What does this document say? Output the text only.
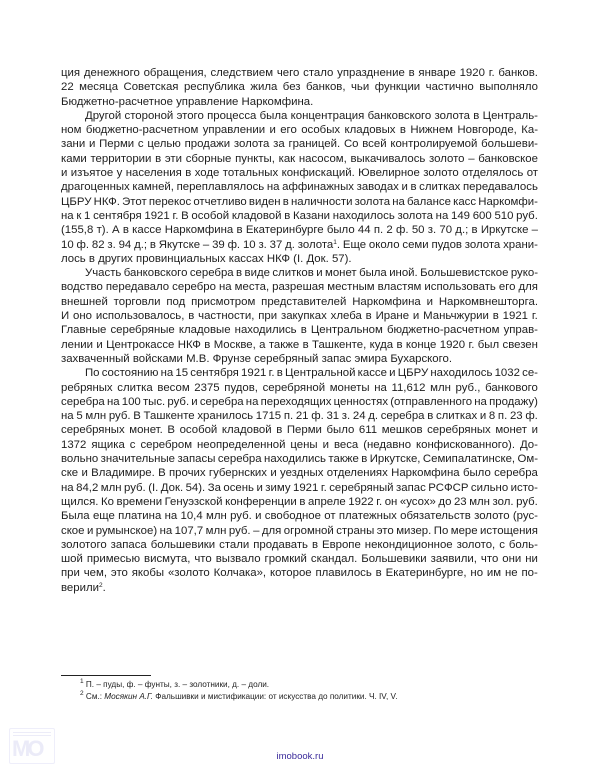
ция денежного обращения, следствием чего стало упразднение в январе 1920 г. банков.
22 месяца Советская республика жила без банков, чьи функции частично выполняло
Бюджетно-расчетное управление Наркомфина.
Другой стороной этого процесса была концентрация банковского золота в Централь-
ном бюджетно-расчетном управлении и его особых кладовых в Нижнем Новгороде, Ка-
зани и Перми с целью продажи золота за границей. Со всей контролируемой большеви-
ками территории в эти сборные пункты, как насосом, выкачивалось золото – банковское
и изъятое у населения в ходе тотальных конфискаций. Ювелирное золото отделялось от
драгоценных камней, переплавлялось на аффинажных заводах и в слитках передавалось
ЦБРУ НКФ. Этот перекос отчетливо виден в наличности золота на балансе касс Наркомфи-
на к 1 сентября 1921 г. В особой кладовой в Казани находилось золота на 149 600 510 руб.
(155,8 т). А в кассе Наркомфина в Екатеринбурге было 44 п. 2 ф. 50 з. 70 д.; в Иркутске –
10 ф. 82 з. 94 д.; в Якутске – 39 ф. 10 з. 37 д. золота$^1$. Еще около семи пудов золота храни-
лось в других провинциальных кассах НКФ (I. Док. 57).
Участь банковского серебра в виде слитков и монет была иной. Большевистское руко-
водство передавало серебро на места, разрешая местным властям использовать его для
внешней торговли под присмотром представителей Наркомфина и Наркомвнешторга.
И оно использовалось, в частности, при закупках хлеба в Иране и Маньчжурии в 1921 г.
Главные серебряные кладовые находились в Центральном бюджетно-расчетном управ-
лении и Центрокассе НКФ в Москве, а также в Ташкенте, куда в конце 1920 г. был свезен
захваченный войсками М.В. Фрунзе серебряный запас эмира Бухарского.
По состоянию на 15 сентября 1921 г. в Центральной кассе и ЦБРУ находилось 1032 се-
ребряных слитка весом 2375 пудов, серебряной монеты на 11,612 млн руб., банкового
серебра на 100 тыс. руб. и серебра на переходящих ценностях (отправленного на продажу)
на 5 млн руб. В Ташкенте хранилось 1715 п. 21 ф. 31 з. 24 д. серебра в слитках и 8 п. 23 ф.
серебряных монет. В особой кладовой в Перми было 611 мешков серебряных монет и
1372 ящика с серебром неопределенной цены и веса (недавно конфискованного). До-
вольно значительные запасы серебра находились также в Иркутске, Семипалатинске, Ом-
ске и Владимире. В прочих губернских и уездных отделениях Наркомфина было серебра
на 84,2 млн руб. (I. Док. 54). За осень и зиму 1921 г. серебряный запас РСФСР сильно исто-
щился. Ко времени Генуэзской конференции в апреле 1922 г. он «усох» до 23 млн зол. руб.
Была еще платина на 10,4 млн руб. и свободное от платежных обязательств золото (рус-
ское и румынское) на 107,7 млн руб. – для огромной страны это мизер. По мере истощения
золотого запаса большевики стали продавать в Европе некондиционное золото, с боль-
шой примесью висмута, что вызвало громкий скандал. Большевики заявили, что они ни
при чем, это якобы «золото Колчака», которое плавилось в Екатеринбурге, но им не по-
верили$^2$.
$^1$ П. – пуды, ф. – фунты, з. – золотники, д. – доли.
$^2$ См.: Мосякин А.Г. Фальшивки и мистификации: от искусства до политики. Ч. IV, V.
MO	imobook.ru
